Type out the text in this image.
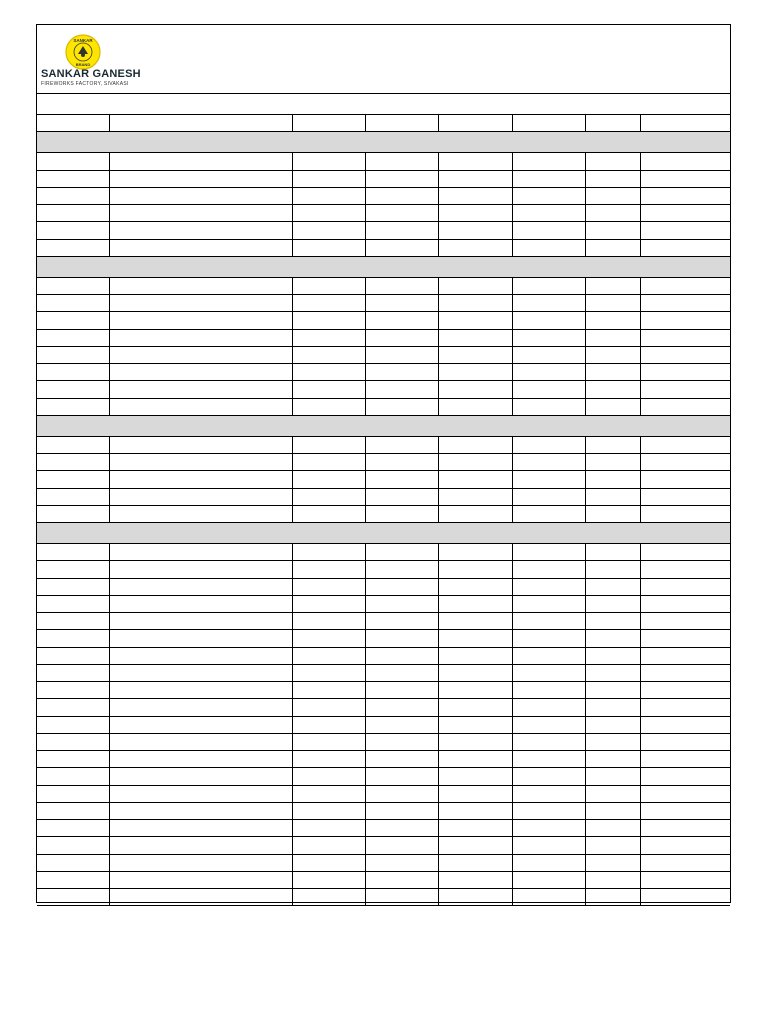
SANKAR
BRAND
SANKAR GANESH
FIREWORKS FACTORY, SIVAKASI
